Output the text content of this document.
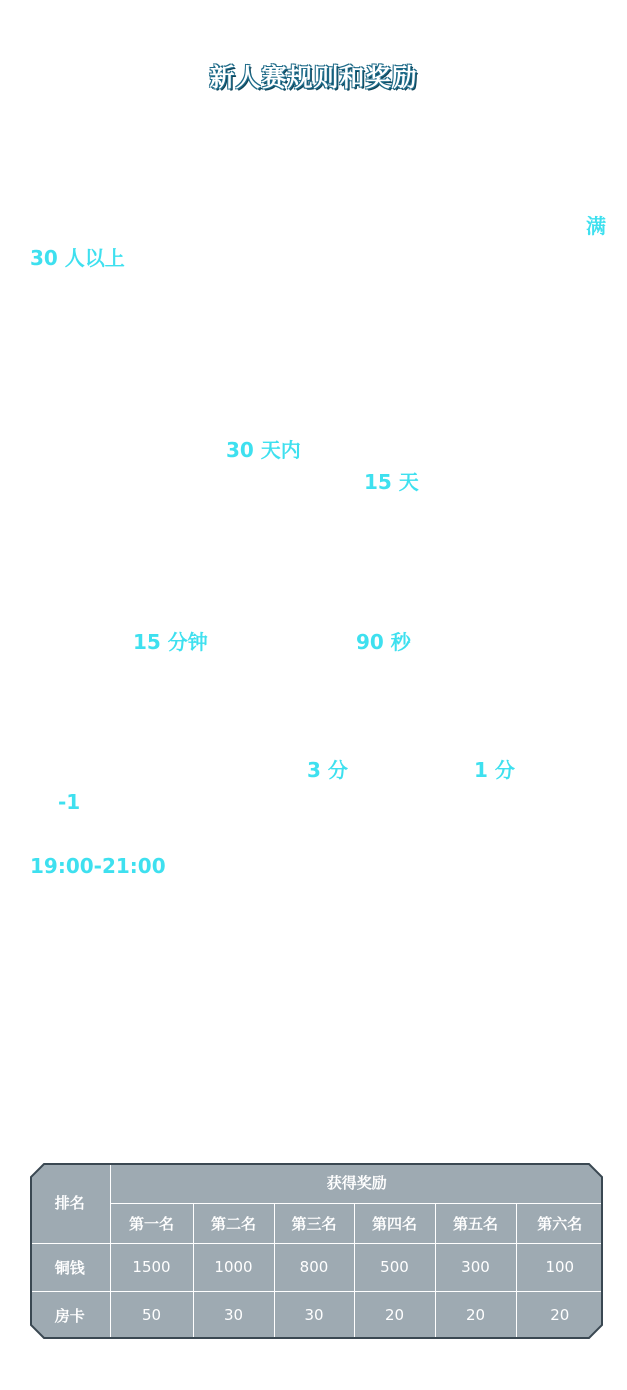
新人赛规则和奖励
满
30 人以上
30 天内
15 天
15 分钟	90 秒
3 分	1 分
-1
19:00-21:00
排名	获得奖励					
	第一名	第二名	第三名	第四名	第五名	第六名
铜钱	1500	1000	800	500	300	100
房卡	50	30	30	20	20	20
